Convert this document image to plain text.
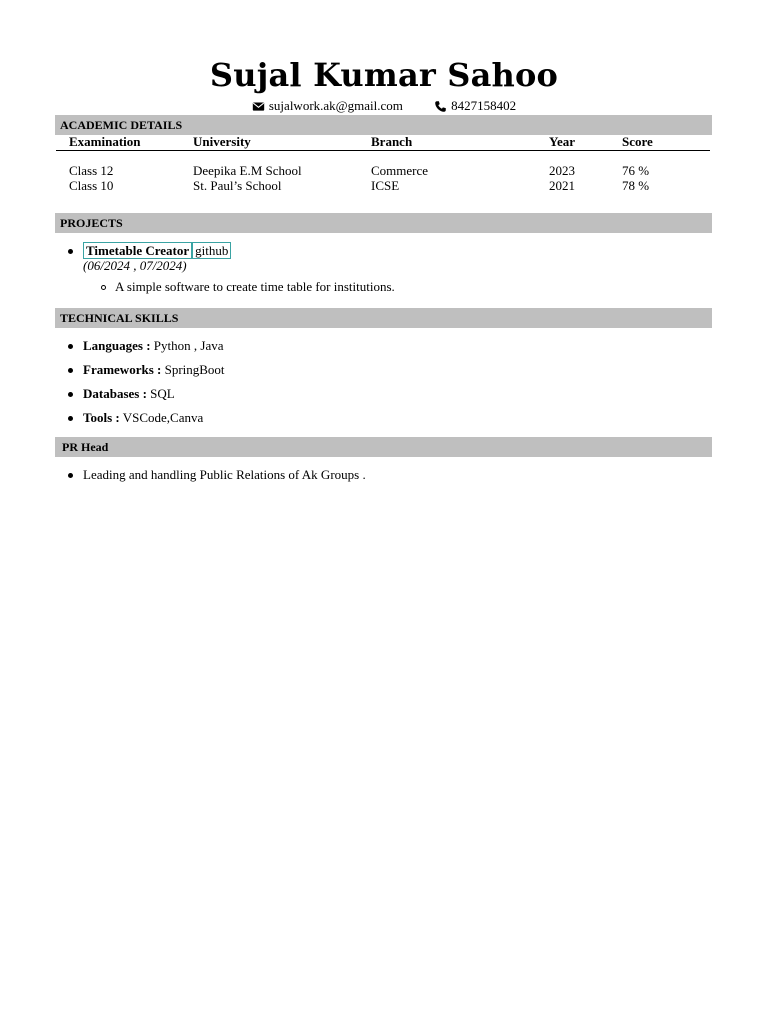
Sujal Kumar Sahoo
sujalwork.ak@gmail.com
	8427158402
ACADEMIC DETAILS
Examination	University	Branch	Year	Score

Class 12	Deepika E.M School	Commerce	2023	76 %
Class 10	St. Paul’s School	ICSE	2021	78 %
PROJECTS
Timetable Creator github
(06/2024 , 07/2024)
A simple software to create time table for institutions.
TECHNICAL SKILLS
Languages : Python , Java
Frameworks : SpringBoot
Databases : SQL
Tools : VSCode,Canva
PR Head
Leading and handling Public Relations of Ak Groups .
